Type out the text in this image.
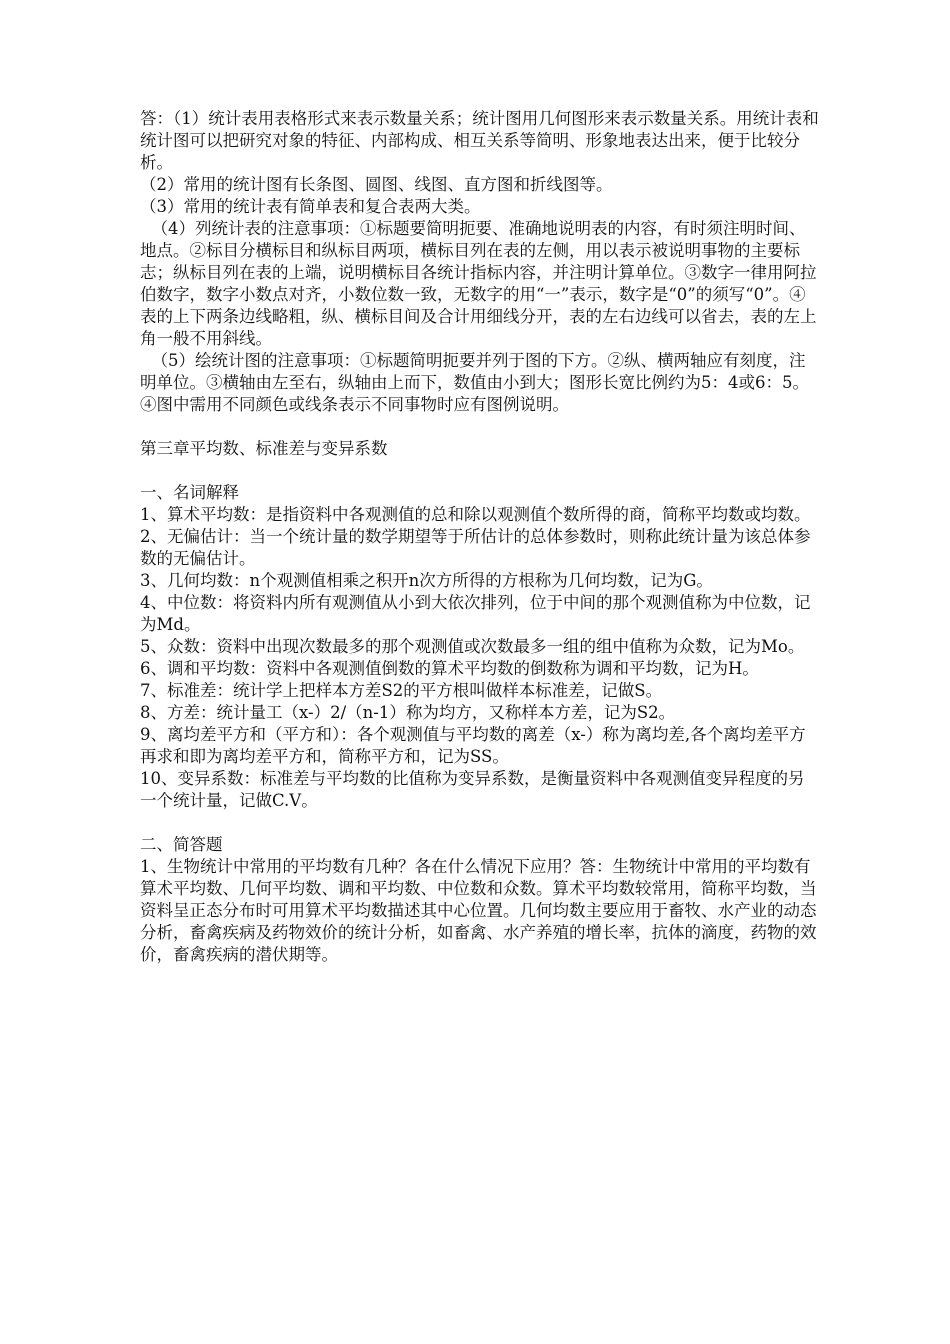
答：（1）统计表用表格形式来表示数量关系；统计图用几何图形来表示数量关系。用统计表和统计图可以把研究对象的特征、内部构成、相互关系等简明、形象地表达出来，便于比较分析。

（2）常用的统计图有长条图、圆图、线图、直方图和折线图等。

（3）常用的统计表有简单表和复合表两大类。

（4）列统计表的注意事项：①标题要简明扼要、准确地说明表的内容，有时须注明时间、地点。②标目分横标目和纵标目两项，横标目列在表的左侧，用以表示被说明事物的主要标志；纵标目列在表的上端，说明横标目各统计指标内容，并注明计算单位。③数字一律用阿拉伯数字，数字小数点对齐，小数位数一致，无数字的用“一”表示，数字是“0”的须写“0”。④表的上下两条边线略粗，纵、横标目间及合计用细线分开，表的左右边线可以省去，表的左上角一般不用斜线。

（5）绘统计图的注意事项：①标题简明扼要并列于图的下方。②纵、横两轴应有刻度，注明单位。③横轴由左至右，纵轴由上而下，数值由小到大；图形长宽比例约为5：4或6：5。④图中需用不同颜色或线条表示不同事物时应有图例说明。

第三章平均数、标准差与变异系数

一、名词解释

1、算术平均数：是指资料中各观测值的总和除以观测值个数所得的商，简称平均数或均数。

2、无偏估计：当一个统计量的数学期望等于所估计的总体参数时，则称此统计量为该总体参数的无偏估计。

3、几何均数：n个观测值相乘之积开n次方所得的方根称为几何均数，记为G。

4、中位数：将资料内所有观测值从小到大依次排列，位于中间的那个观测值称为中位数，记为Md。

5、众数：资料中出现次数最多的那个观测值或次数最多一组的组中值称为众数，记为Mo。

6、调和平均数：资料中各观测值倒数的算术平均数的倒数称为调和平均数，记为H。

7、标准差：统计学上把样本方差S2的平方根叫做样本标准差，记做S。

8、方差：统计量工（x-）2/（n-1）称为均方，又称样本方差，记为S2。

9、离均差平方和（平方和）：各个观测值与平均数的离差（x-）称为离均差,各个离均差平方再求和即为离均差平方和，简称平方和，记为SS。

10、变异系数：标准差与平均数的比值称为变异系数，是衡量资料中各观测值变异程度的另一个统计量，记做C.V。

二、简答题

1、生物统计中常用的平均数有几种？各在什么情况下应用？答：生物统计中常用的平均数有算术平均数、几何平均数、调和平均数、中位数和众数。算术平均数较常用，简称平均数，当资料呈正态分布时可用算术平均数描述其中心位置。几何均数主要应用于畜牧、水产业的动态分析，畜禽疾病及药物效价的统计分析，如畜禽、水产养殖的增长率，抗体的滴度，药物的效价，畜禽疾病的潜伏期等。
